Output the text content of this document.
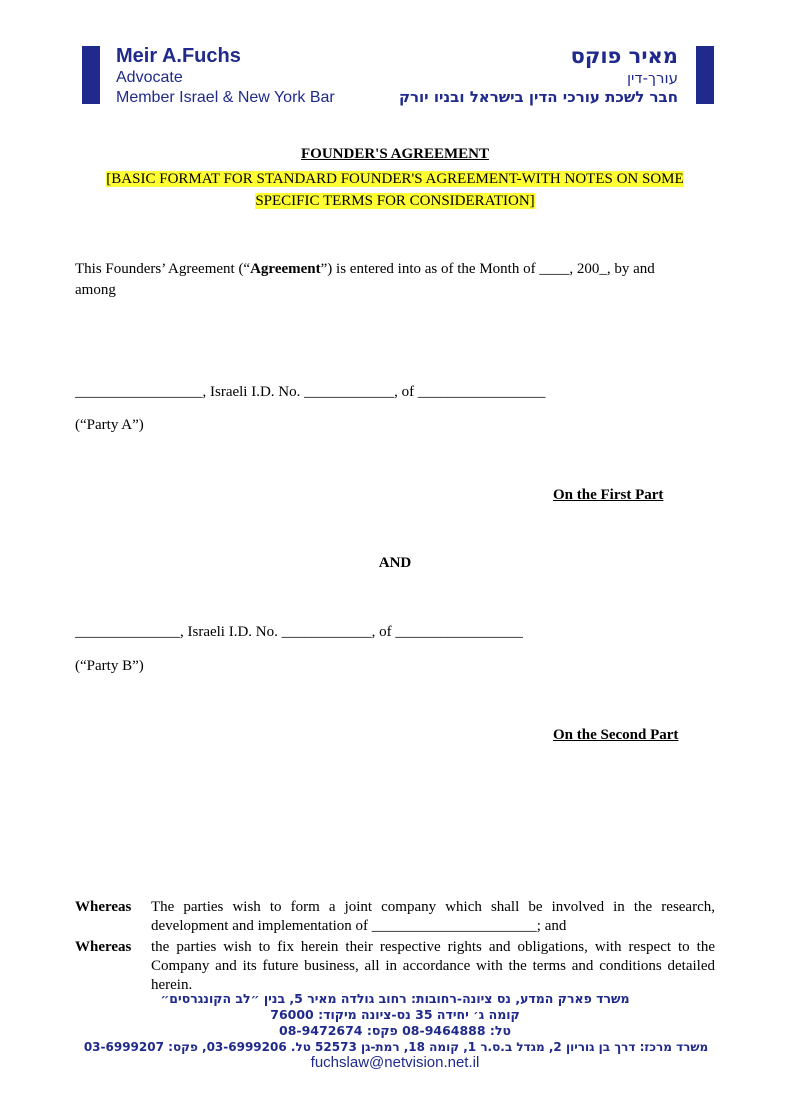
Meir A.Fuchs
Advocate
Member Israel & New York Bar
מאיר פוקס
עורך-דין
חבר לשכת עורכי הדין בישראל ובניו יורק
FOUNDER'S AGREEMENT
[BASIC FORMAT FOR STANDARD FOUNDER'S AGREEMENT-WITH NOTES ON SOME
SPECIFIC TERMS FOR CONSIDERATION]
This Founders’ Agreement (“Agreement”) is entered into as of the Month of ____, 200_, by and
among
_________________, Israeli I.D. No. ____________, of _________________
(“Party A”)
On the First Part
AND
______________, Israeli I.D. No. ____________, of _________________
(“Party B”)
On the Second Part
Whereas The parties wish to form a joint company which shall be involved in the research, development and implementation of ______________________; and
Whereas the parties wish to fix herein their respective rights and obligations, with respect to the Company and its future business, all in accordance with the terms and conditions detailed herein.
משרד פארק המדע, נס ציונה-רחובות: רחוב גולדה מאיר 5, בנין ״לב הקונגרסים״
קומה ג׳ יחידה 35 נס-ציונה מיקוד: 76000
טל: 08-9464888 פקס: 08-9472674
משרד מרכז: דרך בן גוריון 2, מגדל ב.ס.ר 1, קומה 18, רמת-גן 52573 טל. 03-6999206, פקס: 03-6999207
fuchslaw@netvision.net.il
